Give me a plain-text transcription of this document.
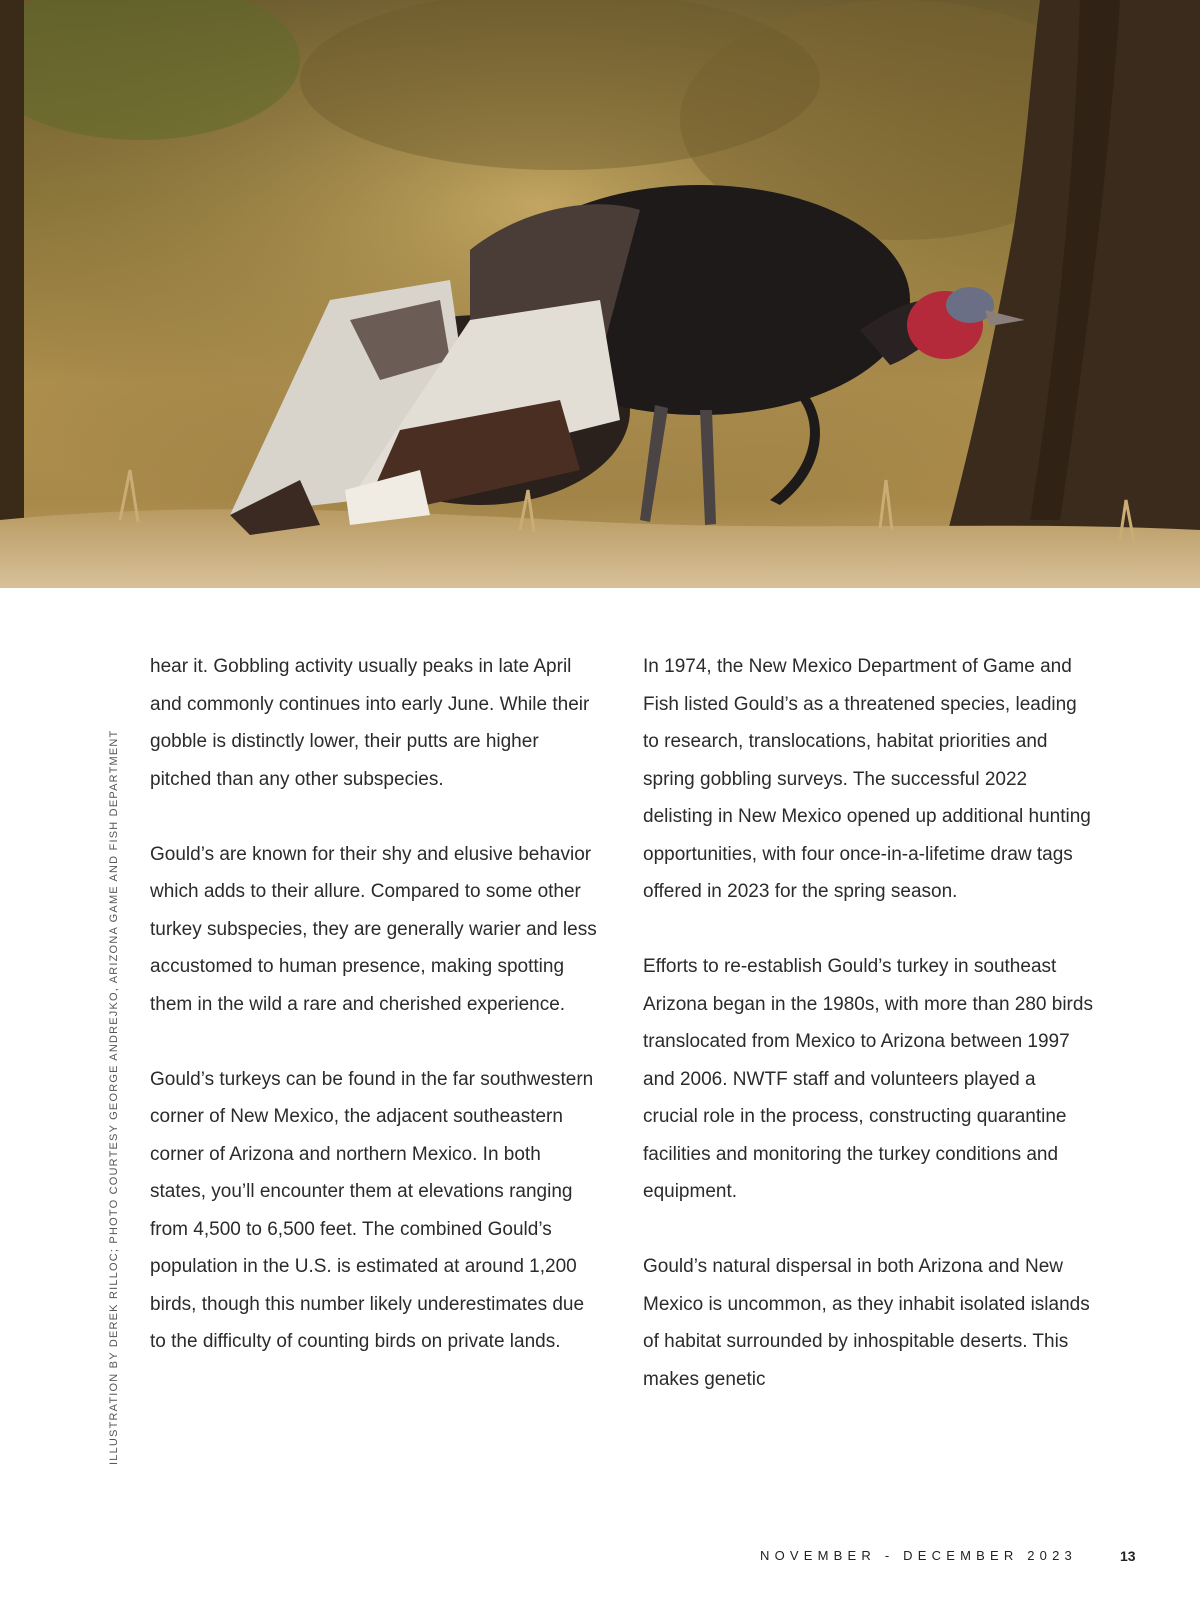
ILLUSTRATION BY DEREK RILLOC; PHOTO COURTESY GEORGE ANDREJKO, ARIZONA GAME AND FISH DEPARTMENT

hear it. Gobbling activity usually peaks in late April and commonly continues into early June. While their gobble is distinctly lower, their putts are higher pitched than any other subspecies.

Gould’s are known for their shy and elusive behavior which adds to their allure. Compared to some other turkey subspecies, they are generally warier and less accustomed to human presence, making spotting them in the wild a rare and cherished experience.

Gould’s turkeys can be found in the far southwestern corner of New Mexico, the adjacent southeastern corner of Arizona and northern Mexico. In both states, you’ll encounter them at elevations ranging from 4,500 to 6,500 feet. The combined Gould’s population in the U.S. is estimated at around 1,200 birds, though this number likely underestimates due to the difficulty of counting birds on private lands.

In 1974, the New Mexico Department of Game and Fish listed Gould’s as a threatened species, leading to research, translocations, habitat priorities and spring gobbling surveys. The successful 2022 delisting in New Mexico opened up additional hunting opportunities, with four once-in-a-lifetime draw tags offered in 2023 for the spring season.

Efforts to re-establish Gould’s turkey in southeast Arizona began in the 1980s, with more than 280 birds translocated from Mexico to Arizona between 1997 and 2006. NWTF staff and volunteers played a crucial role in the process, constructing quarantine facilities and monitoring the turkey conditions and equipment.

Gould’s natural dispersal in both Arizona and New Mexico is uncommon, as they inhabit isolated islands of habitat surrounded by inhospitable deserts. This makes genetic

NOVEMBER - DECEMBER 2023	13
